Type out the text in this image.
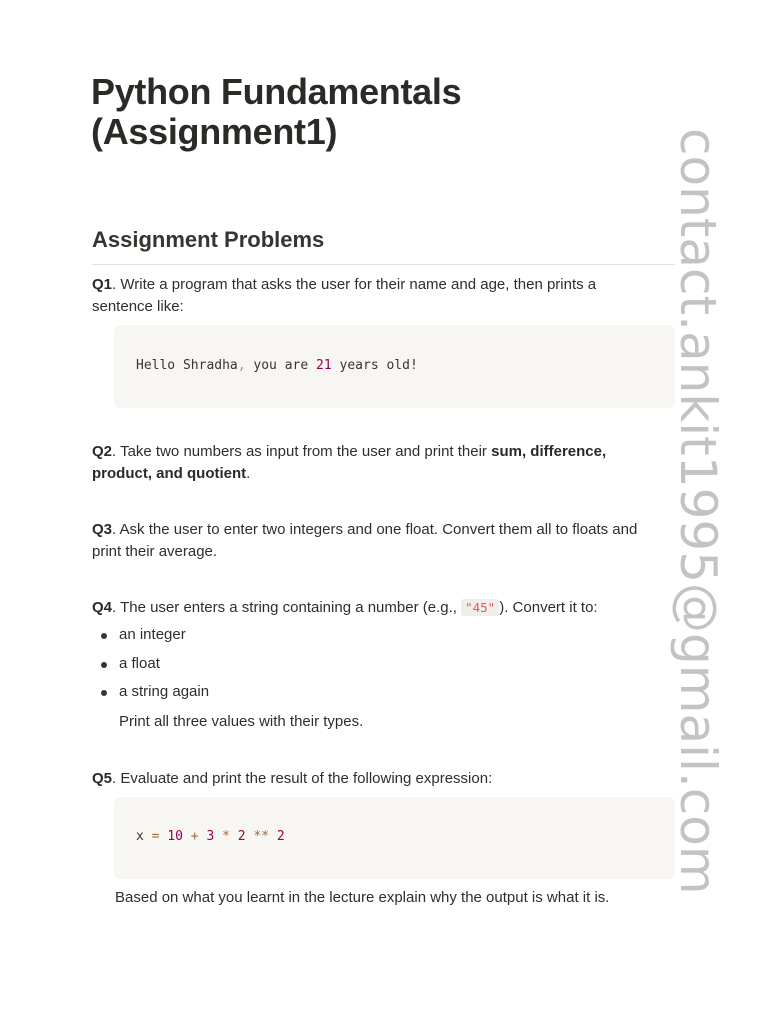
Python Fundamentals
(Assignment1)
Assignment Problems
Q1. Write a program that asks the user for their name and age, then prints a sentence like:
Hello Shradha, you are 21 years old!
Q2. Take two numbers as input from the user and print their sum, difference, product, and quotient.
Q3. Ask the user to enter two integers and one float. Convert them all to floats and print their average.
Q4. The user enters a string containing a number (e.g., "45" ). Convert it to:
an integer
a float
a string again
Print all three values with their types.
Q5. Evaluate and print the result of the following expression:
x = 10 + 3 * 2 ** 2
Based on what you learnt in the lecture explain why the output is what it is.
contact.ankit1995@gmail.com
